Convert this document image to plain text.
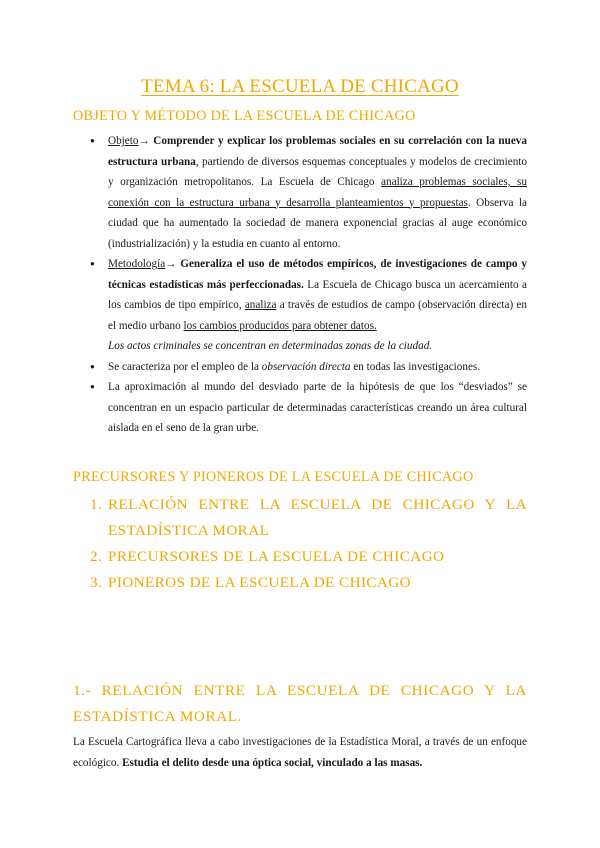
TEMA 6: LA ESCUELA DE CHICAGO
OBJETO Y MÉTODO DE LA ESCUELA DE CHICAGO
● Objeto→ Comprender y explicar los problemas sociales en su correlación con la nueva estructura urbana, partiendo de diversos esquemas conceptuales y modelos de crecimiento y organización metropolitanos. La Escuela de Chicago analiza problemas sociales, su conexión con la estructura urbana y desarrolla planteamientos y propuestas. Observa la ciudad que ha aumentado la sociedad de manera exponencial gracias al auge económico (industrialización) y la estudia en cuanto al entorno.
● Metodología→ Generaliza el uso de métodos empíricos, de investigaciones de campo y técnicas estadísticas más perfeccionadas. La Escuela de Chicago busca un acercamiento a los cambios de tipo empírico, analiza a través de estudios de campo (observación directa) en el medio urbano los cambios producidos para obtener datos.
Los actos criminales se concentran en determinadas zonas de la ciudad.
● Se caracteriza por el empleo de la observación directa en todas las investigaciones.
● La aproximación al mundo del desviado parte de la hipótesis de que los “desviados” se concentran en un espacio particular de determinadas características creando un área cultural aislada en el seno de la gran urbe.
PRECURSORES Y PIONEROS DE LA ESCUELA DE CHICAGO
1. RELACIÓN ENTRE LA ESCUELA DE CHICAGO Y LA ESTADÍSTICA MORAL
2. PRECURSORES DE LA ESCUELA DE CHICAGO
3. PIONEROS DE LA ESCUELA DE CHICAGO
1.- RELACIÓN ENTRE LA ESCUELA DE CHICAGO Y LA ESTADÍSTICA MORAL.
La Escuela Cartográfica lleva a cabo investigaciones de la Estadística Moral, a través de un enfoque ecológico. Estudia el delito desde una óptica social, vinculado a las masas.
